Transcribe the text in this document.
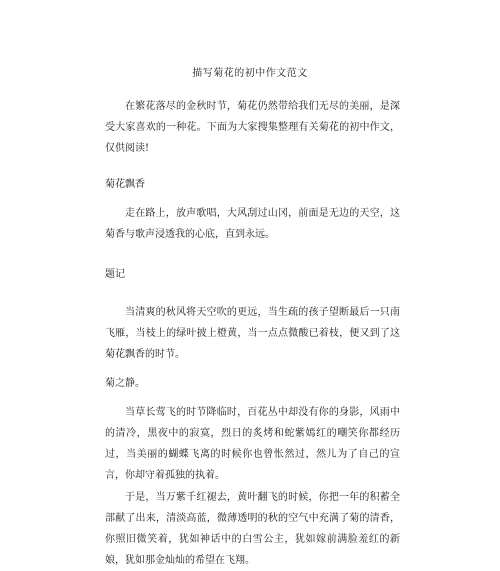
描写菊花的初中作文范文

在繁花落尽的金秋时节，菊花仍然带给我们无尽的美丽，是深受大家喜欢的一种花。下面为大家搜集整理有关菊花的初中作文，仅供阅读!

菊花飘香

走在路上，放声歌唱，大风刮过山冈，前面是无边的天空，这菊香与歌声浸透我的心底，直到永远。

题记

当清爽的秋风将天空吹的更远，当生疏的孩子望断最后一只南飞雁，当枝上的绿叶披上橙黄，当一点点微酸已着枝，便又到了这菊花飘香的时节。

菊之静。

当草长莺飞的时节降临时，百花丛中却没有你的身影，风雨中的清冷，黑夜中的寂寞，烈日的炙烤和蛇紫嫣红的嘲笑你都经历过，当美丽的蝴蝶飞离的时候你也曾怅然过，然儿为了自己的宣言，你却守着孤独的执着。

于是，当万紫千红褪去，黄叶翻飞的时候，你把一年的积蓄全部献了出来，清淡高蓝，微薄透明的秋的空气中充满了菊的清香，你照旧微笑着，犹如神话中的白雪公主，犹如嫁前满脸羞红的新娘，犹如那金灿灿的希望在飞翔。
